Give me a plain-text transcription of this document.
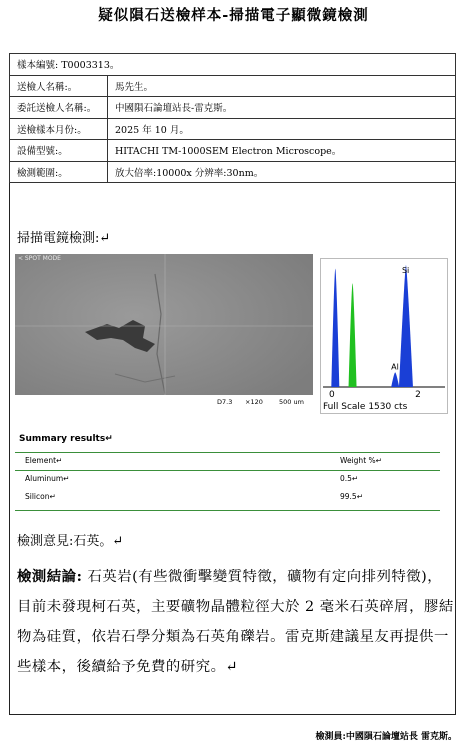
疑似隕石送檢样本-掃描電子顯微鏡檢測
樣本編號: T0003313。	
送檢人名稱:。	馬先生。
委託送檢人名稱:。	中國隕石論壇站長-雷克斯。
送檢樣本月份:。	2025 年 10 月。
設備型號:。	HITACHI TM-1000SEM Electron Microscope。
檢測範圍:。	放大倍率:10000x 分辨率:30nm。
掃描電鏡檢測:↵
< SPOT MODE
D7.3 ×120 500 um
Si
Al
0	2
Full Scale 1530 cts
Summary results↵
Element↵	Weight %↵
Aluminum↵	0.5↵
Silicon↵	99.5↵
檢測意見:石英。↵
檢測結論: 石英岩(有些微衝擊變質特徵，礦物有定向排列特徵)，目前未發現柯石英，主要礦物晶體粒徑大於 2 毫米石英碎屑，膠結物為硅質，依岩石學分類為石英角礫岩。雷克斯建議星友再提供一些樣本，後續給予免費的研究。↵
檢測員:中國隕石論壇站長 雷克斯。
